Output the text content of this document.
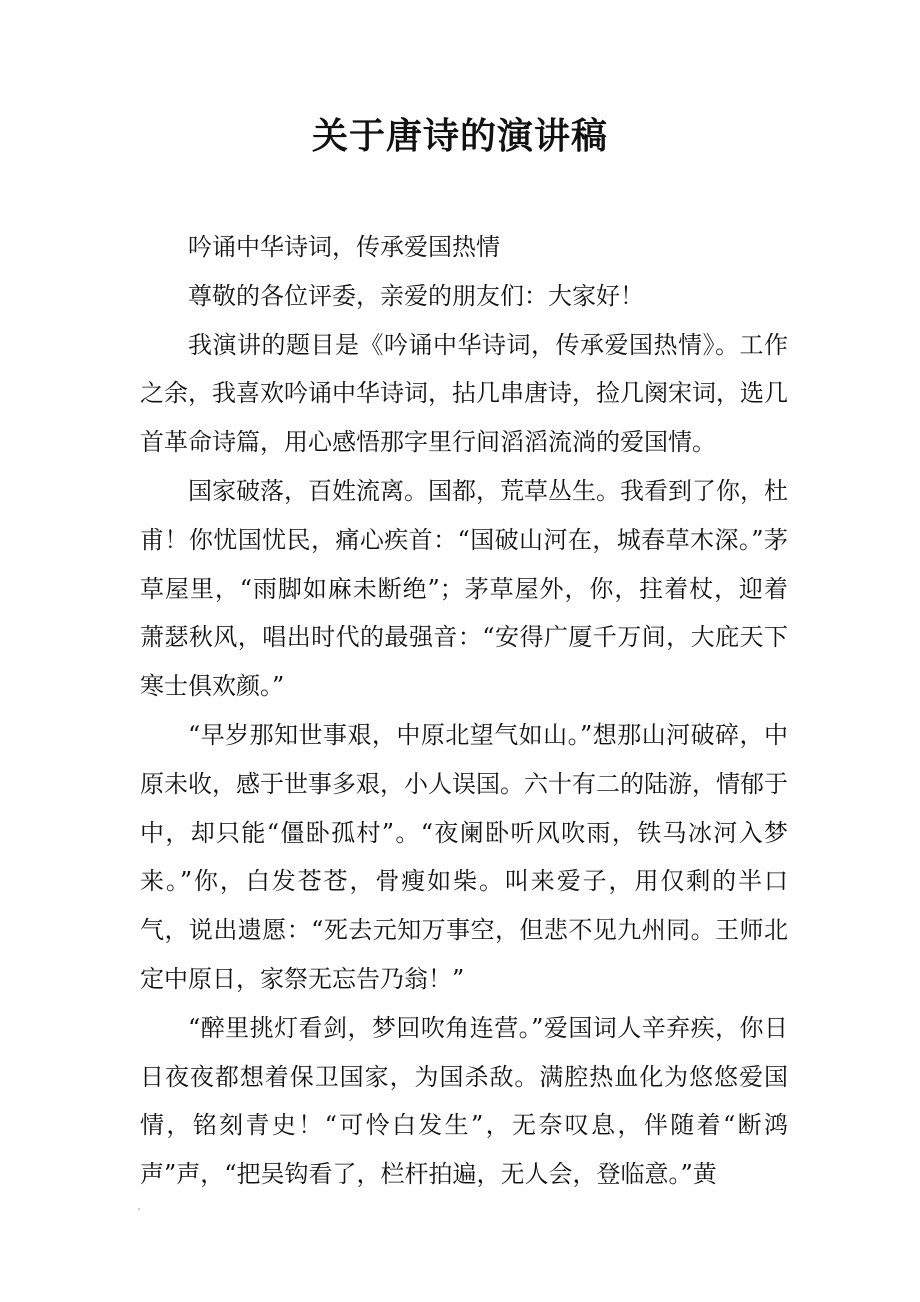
关于唐诗的演讲稿

吟诵中华诗词，传承爱国热情

尊敬的各位评委，亲爱的朋友们：大家好！

我演讲的题目是《吟诵中华诗词，传承爱国热情》。工作之余，我喜欢吟诵中华诗词，拈几串唐诗，捡几阕宋词，选几首革命诗篇，用心感悟那字里行间滔滔流淌的爱国情。

国家破落，百姓流离。国都，荒草丛生。我看到了你，杜甫！你忧国忧民，痛心疾首：“国破山河在，城春草木深。”茅草屋里，“雨脚如麻未断绝”；茅草屋外，你，拄着杖，迎着萧瑟秋风，唱出时代的最强音：“安得广厦千万间，大庇天下寒士俱欢颜。”

“早岁那知世事艰，中原北望气如山。”想那山河破碎，中原未收，感于世事多艰，小人误国。六十有二的陆游，情郁于中，却只能“僵卧孤村”。“夜阑卧听风吹雨，铁马冰河入梦来。”你，白发苍苍，骨瘦如柴。叫来爱子，用仅剩的半口气，说出遗愿：“死去元知万事空，但悲不见九州同。王师北定中原日，家祭无忘告乃翁！”

“醉里挑灯看剑，梦回吹角连营。”爱国词人辛弃疾，你日日夜夜都想着保卫国家，为国杀敌。满腔热血化为悠悠爱国情，铭刻青史！“可怜白发生”，无奈叹息，伴随着“断鸿声”声，“把吴钩看了，栏杆拍遍，无人会，登临意。”黄
